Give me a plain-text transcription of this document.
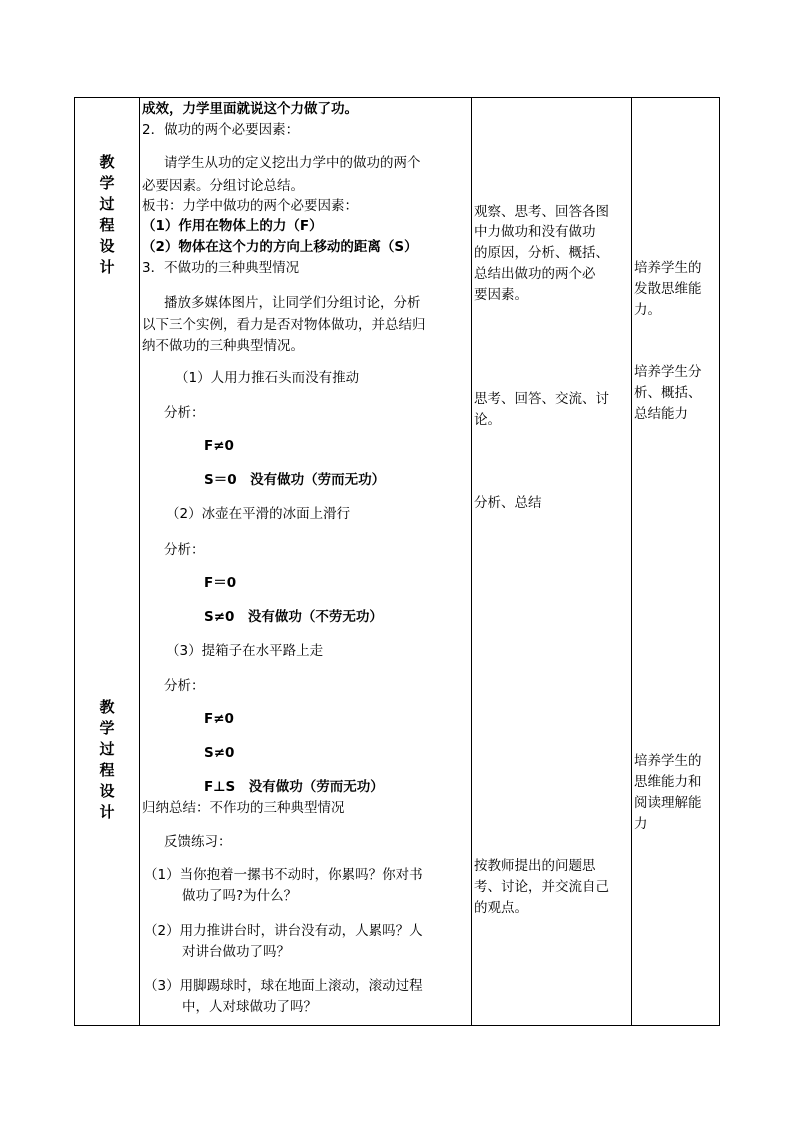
教
学
过
程
设
计
教
学
过
程
设
计
成效，力学里面就说这个力做了功。
2．做功的两个必要因素：
请学生从功的定义挖出力学中的做功的两个
必要因素。分组讨论总结。
板书：力学中做功的两个必要因素：
（1）作用在物体上的力（F）
（2）物体在这个力的方向上移动的距离（S）
3．不做功的三种典型情况
播放多媒体图片，让同学们分组讨论，分析
以下三个实例，看力是否对物体做功，并总结归
纳不做功的三种典型情况。
（1）人用力推石头而没有推动
分析：
F≠0
S＝0　没有做功（劳而无功）
（2）冰壶在平滑的冰面上滑行
分析：
F＝0
S≠0　没有做功（不劳无功）
（3）提箱子在水平路上走
分析：
F≠0
S≠0
F⊥S　没有做功（劳而无功）
归纳总结：不作功的三种典型情况
反馈练习：
（1）当你抱着一摞书不动时，你累吗？你对书
做功了吗?为什么？
（2）用力推讲台时，讲台没有动，人累吗？人
对讲台做功了吗？
（3）用脚踢球时，球在地面上滚动，滚动过程
中，人对球做功了吗？
观察、思考、回答各图
中力做功和没有做功
的原因，分析、概括、
总结出做功的两个必
要因素。
思考、回答、交流、讨
论。
分析、总结
按教师提出的问题思
考、讨论，并交流自己
的观点。
培养学生的
发散思维能
力。
培养学生分
析、概括、
总结能力
培养学生的
思维能力和
阅读理解能
力
